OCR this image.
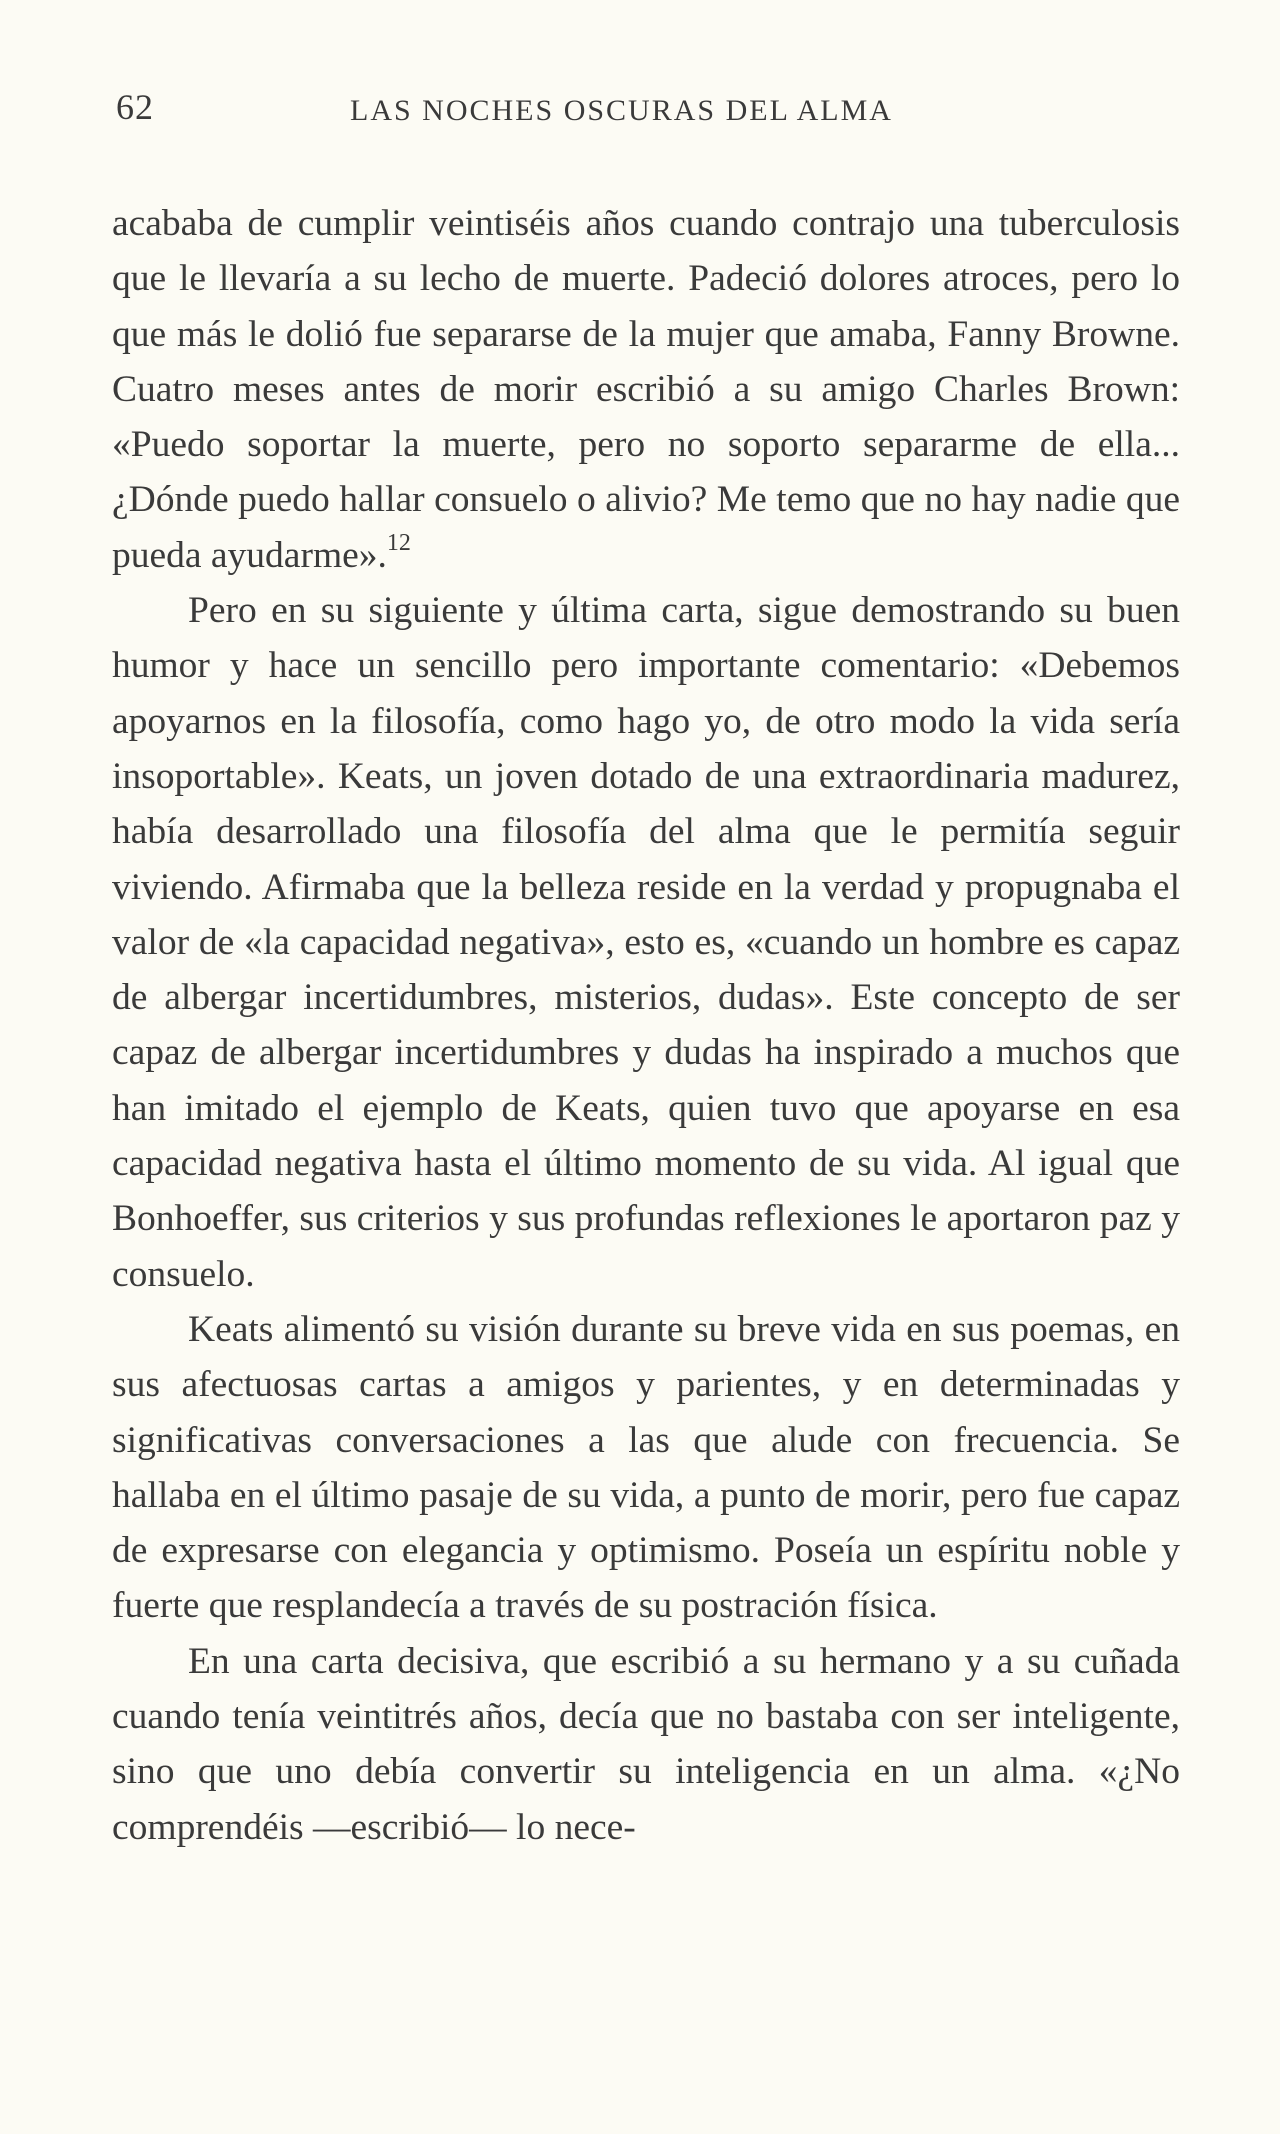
62	LAS NOCHES OSCURAS DEL ALMA

acababa de cumplir veintiséis años cuando contrajo una tuberculosis que le llevaría a su lecho de muerte. Padeció dolores atroces, pero lo que más le dolió fue separarse de la mujer que amaba, Fanny Browne. Cuatro meses antes de morir escribió a su amigo Charles Brown: «Puedo soportar la muerte, pero no soporto separarme de ella... ¿Dónde puedo hallar consuelo o alivio? Me temo que no hay nadie que pueda ayudarme».$^{12}$

Pero en su siguiente y última carta, sigue demostrando su buen humor y hace un sencillo pero importante comentario: «Debemos apoyarnos en la filosofía, como hago yo, de otro modo la vida sería insoportable». Keats, un joven dotado de una extraordinaria madurez, había desarrollado una filosofía del alma que le permitía seguir viviendo. Afirmaba que la belleza reside en la verdad y propugnaba el valor de «la capacidad negativa», esto es, «cuando un hombre es capaz de albergar incertidumbres, misterios, dudas». Este concepto de ser capaz de albergar incertidumbres y dudas ha inspirado a muchos que han imitado el ejemplo de Keats, quien tuvo que apoyarse en esa capacidad negativa hasta el último momento de su vida. Al igual que Bonhoeffer, sus criterios y sus profundas reflexiones le aportaron paz y consuelo.

Keats alimentó su visión durante su breve vida en sus poemas, en sus afectuosas cartas a amigos y parientes, y en determinadas y significativas conversaciones a las que alude con frecuencia. Se hallaba en el último pasaje de su vida, a punto de morir, pero fue capaz de expresarse con elegancia y optimismo. Poseía un espíritu noble y fuerte que resplandecía a través de su postración física.

En una carta decisiva, que escribió a su hermano y a su cuñada cuando tenía veintitrés años, decía que no bastaba con ser inteligente, sino que uno debía convertir su inteligencia en un alma. «¿No comprendéis —escribió— lo nece-
